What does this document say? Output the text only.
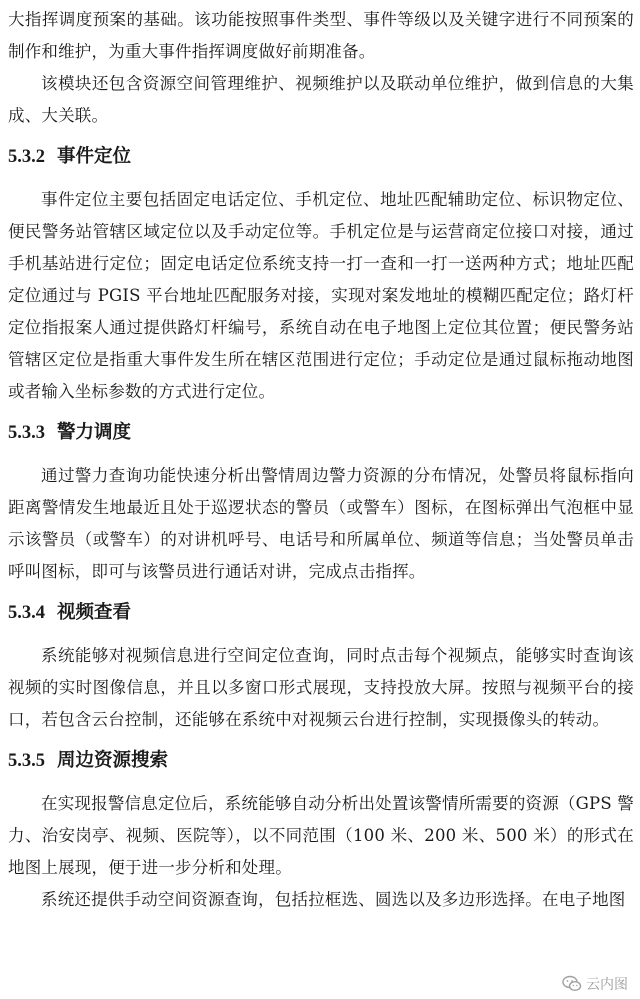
大指挥调度预案的基础。该功能按照事件类型、事件等级以及关键字进行不同预案的制作和维护，为重大事件指挥调度做好前期准备。

该模块还包含资源空间管理维护、视频维护以及联动单位维护，做到信息的大集成、大关联。

5.3.2 事件定位

事件定位主要包括固定电话定位、手机定位、地址匹配辅助定位、标识物定位、便民警务站管辖区域定位以及手动定位等。手机定位是与运营商定位接口对接，通过手机基站进行定位；固定电话定位系统支持一打一查和一打一送两种方式；地址匹配定位通过与 PGIS 平台地址匹配服务对接，实现对案发地址的模糊匹配定位；路灯杆定位指报案人通过提供路灯杆编号，系统自动在电子地图上定位其位置；便民警务站管辖区定位是指重大事件发生所在辖区范围进行定位；手动定位是通过鼠标拖动地图或者输入坐标参数的方式进行定位。

5.3.3 警力调度

通过警力查询功能快速分析出警情周边警力资源的分布情况，处警员将鼠标指向距离警情发生地最近且处于巡逻状态的警员（或警车）图标，在图标弹出气泡框中显示该警员（或警车）的对讲机呼号、电话号和所属单位、频道等信息；当处警员单击呼叫图标，即可与该警员进行通话对讲，完成点击指挥。

5.3.4 视频查看

系统能够对视频信息进行空间定位查询，同时点击每个视频点，能够实时查询该视频的实时图像信息，并且以多窗口形式展现，支持投放大屏。按照与视频平台的接口，若包含云台控制，还能够在系统中对视频云台进行控制，实现摄像头的转动。

5.3.5 周边资源搜索

在实现报警信息定位后，系统能够自动分析出处置该警情所需要的资源（GPS 警力、治安岗亭、视频、医院等），以不同范围（100 米、200 米、500 米）的形式在地图上展现，便于进一步分析和处理。

系统还提供手动空间资源查询，包括拉框选、圆选以及多边形选择。在电子地图

云内图
